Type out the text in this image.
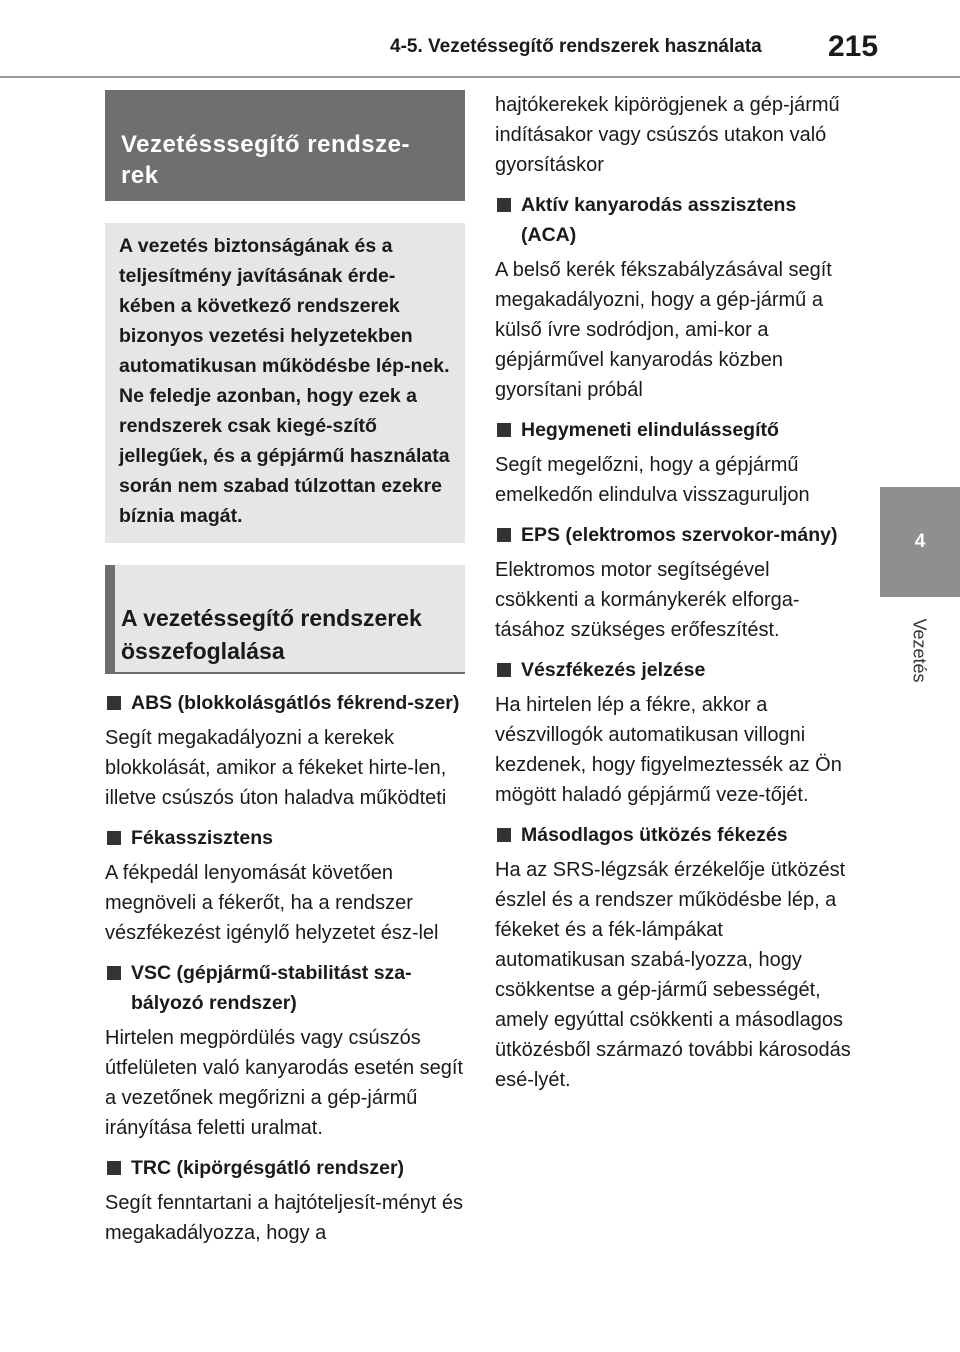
4-5. Vezetéssegítő rendszerek használata 215
4
Vezetés

Vezetésssegítő rendsze-
rek

A vezetés biztonságának és a teljesítmény javításának érde-kében a következő rendszerek bizonyos vezetési helyzetekben automatikusan működésbe lép-nek. Ne feledje azonban, hogy ezek a rendszerek csak kiegé-szítő jellegűek, és a gépjármű használata során nem szabad túlzottan ezekre bíznia magát.

A vezetéssegítő rendszerek
összefoglalása

ABS (blokkolásgátlós fékrend-szer)
Segít megakadályozni a kerekek blokkolását, amikor a fékeket hirte-len, illetve csúszós úton haladva működteti
Fékasszisztens
A fékpedál lenyomását követően megnöveli a fékerőt, ha a rendszer vészfékezést igénylő helyzetet ész-lel
VSC (gépjármű-stabilitást sza-bályozó rendszer)
Hirtelen megpördülés vagy csúszós útfelületen való kanyarodás esetén segít a vezetőnek megőrizni a gép-jármű irányítása feletti uralmat.
TRC (kipörgésgátló rendszer)
Segít fenntartani a hajtóteljesít-ményt és megakadályozza, hogy a
hajtókerekek kipörögjenek a gép-jármű indításakor vagy csúszós utakon való gyorsításkor
Aktív kanyarodás asszisztens (ACA)
A belső kerék fékszabályzásával segít megakadályozni, hogy a gép-jármű a külső ívre sodródjon, ami-kor a gépjárművel kanyarodás közben gyorsítani próbál
Hegymeneti elindulássegítő
Segít megelőzni, hogy a gépjármű emelkedőn elindulva visszaguruljon
EPS (elektromos szervokor-mány)
Elektromos motor segítségével csökkenti a kormánykerék elforga-tásához szükséges erőfeszítést.
Vészfékezés jelzése
Ha hirtelen lép a fékre, akkor a vészvillogók automatikusan villogni kezdenek, hogy figyelmeztessék az Ön mögött haladó gépjármű veze-tőjét.
Másodlagos ütközés fékezés
Ha az SRS-légzsák érzékelője ütközést észlel és a rendszer működésbe lép, a fékeket és a fék-lámpákat automatikusan szabá-lyozza, hogy csökkentse a gép-jármű sebességét, amely egyúttal csökkenti a másodlagos ütközésből származó további károsodás esé-lyét.
